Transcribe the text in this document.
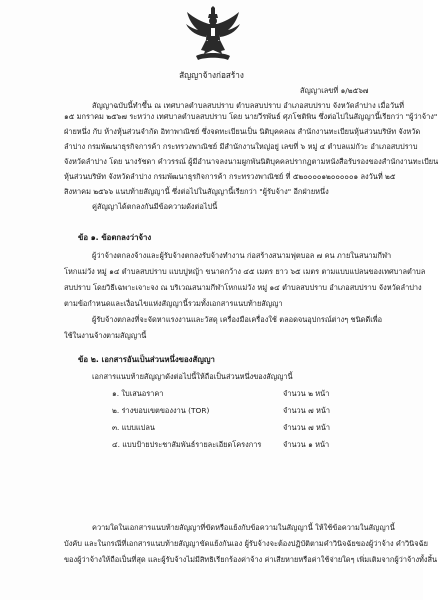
สัญญาจ้างก่อสร้าง
สัญญาเลขที่ ๑/๒๕๖๗

สัญญาฉบับนี้ทำขึ้น ณ เทศบาลตำบลสบปราบ ตำบลสบปราบ อำเภอสบปราบ จังหวัดลำปาง เมื่อวันที่

๑๕ มกราคม ๒๕๖๗ ระหว่าง เทศบาลตำบลสบปราบ โดย นายวีรพันธ์ ศุภโชติพิน ซึ่งต่อไปในสัญญานี้เรียกว่า "ผู้ว่าจ้าง"

ฝ่ายหนึ่ง กับ ห้างหุ้นส่วนจำกัด อิทาพาณิชย์ ซึ่งจดทะเบียนเป็น นิติบุคคลณ สำนักงานทะเบียนหุ้นส่วนบริษัท จังหวัด

ลำปาง กรมพัฒนาธุรกิจการค้า กระทรวงพาณิชย์ มีสำนักงานใหญ่อยู่ เลขที่ ๖ หมู่ ๔ ตำบลแม่กัวะ อำเภอสบปราบ

จังหวัดลำปาง โดย นางรัชดา คำวรรณ์ ผู้มีอำนาจลงนามผูกพันนิติบุคคลปรากฏตามหนังสือรับรองของสำนักงานทะเบียน

หุ้นส่วนบริษัท จังหวัดลำปาง กรมพัฒนาธุรกิจการค้า กระทรวงพาณิชย์ ที่ ๕๒๐๐๐๐๑๒๐๐๐๐๐๑ ลงวันที่ ๒๕

สิงหาคม ๒๕๖๖ แนบท้ายสัญญานี้ ซึ่งต่อไปในสัญญานี้เรียกว่า "ผู้รับจ้าง" อีกฝ่ายหนึ่ง

คู่สัญญาได้ตกลงกันมีข้อความดังต่อไปนี้

ข้อ ๑. ข้อตกลงว่าจ้าง

ผู้ว่าจ้างตกลงจ้างและผู้รับจ้างตกลงรับจ้างทำงาน ก่อสร้างสนามฟุตบอล ๗ คน ภายในสนามกีฬา

โหกแม่วัง หมู่ ๑๔ ตำบลสบปราบ แบบปูหญ้า ขนาดกว้าง ๔๕ เมตร ยาว ๖๕ เมตร ตามแบบแปลนของเทศบาลตำบล

สบปราบ โดยวิธีเฉพาะเจาะจง ณ บริเวณสนามกีฬาโหกแม่วัง หมู่ ๑๔ ตำบลสบปราบ อำเภอสบปราบ จังหวัดลำปาง

ตามข้อกำหนดและเงื่อนไขแห่งสัญญานี้รวมทั้งเอกสารแนบท้ายสัญญา

ผู้รับจ้างตกลงที่จะจัดหาแรงงานและวัสดุ เครื่องมือเครื่องใช้ ตลอดจนอุปกรณ์ต่างๆ ชนิดดีเพื่อ

ใช้ในงานจ้างตามสัญญานี้

ข้อ ๒. เอกสารอันเป็นส่วนหนึ่งของสัญญา

เอกสารแนบท้ายสัญญาดังต่อไปนี้ให้ถือเป็นส่วนหนึ่งของสัญญานี้

๑. ใบเสนอราคา	จำนวน ๒ หน้า
๒. ร่างขอบเขตของงาน (TOR)	จำนวน ๗ หน้า
๓. แบบแปลน	จำนวน ๗ หน้า
๔. แบบป้ายประชาสัมพันธ์รายละเอียดโครงการ	จำนวน ๑ หน้า

ความใดในเอกสารแนบท้ายสัญญาที่ขัดหรือแย้งกับข้อความในสัญญานี้ ให้ใช้ข้อความในสัญญานี้

บังคับ และในกรณีที่เอกสารแนบท้ายสัญญาขัดแย้งกันเอง ผู้รับจ้างจะต้องปฏิบัติตามคำวินิจฉัยของผู้ว่าจ้าง คำวินิจฉัย

ของผู้ว่าจ้างให้ถือเป็นที่สุด และผู้รับจ้างไม่มีสิทธิเรียกร้องค่าจ้าง ค่าเสียหายหรือค่าใช้จ่ายใดๆ เพิ่มเติมจากผู้ว่าจ้างทั้งสิ้น
